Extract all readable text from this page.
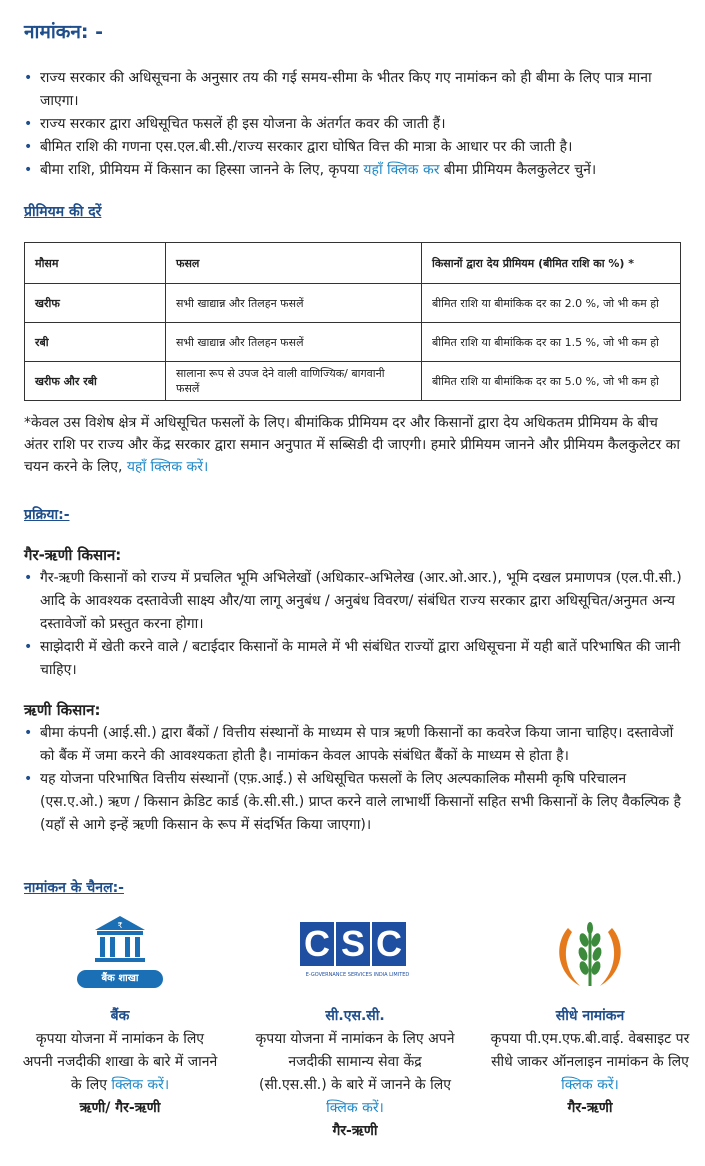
नामांकन: -
• राज्य सरकार की अधिसूचना के अनुसार तय की गई समय-सीमा के भीतर किए गए नामांकन को ही बीमा के लिए पात्र माना जाएगा।
• राज्य सरकार द्वारा अधिसूचित फसलें ही इस योजना के अंतर्गत कवर की जाती हैं।
• बीमित राशि की गणना एस.एल.बी.सी./राज्य सरकार द्वारा घोषित वित्त की मात्रा के आधार पर की जाती है।
• बीमा राशि, प्रीमियम में किसान का हिस्सा जानने के लिए, कृपया यहाँ क्लिक कर बीमा प्रीमियम कैलकुलेटर चुनें।
प्रीमियम की दरें
मौसम	फसल	किसानों द्वारा देय प्रीमियम (बीमित राशि का %) *
खरीफ	सभी खाद्यान्न और तिलहन फसलें	बीमित राशि या बीमांकिक दर का 2.0 %, जो भी कम हो
रबी	सभी खाद्यान्न और तिलहन फसलें	बीमित राशि या बीमांकिक दर का 1.5 %, जो भी कम हो
खरीफ और रबी	सालाना रूप से उपज देने वाली वाणिज्यिक/ बागवानी फसलें	बीमित राशि या बीमांकिक दर का 5.0 %, जो भी कम हो
*केवल उस विशेष क्षेत्र में अधिसूचित फसलों के लिए। बीमांकिक प्रीमियम दर और किसानों द्वारा देय अधिकतम प्रीमियम के बीच अंतर राशि पर राज्य और केंद्र सरकार द्वारा समान अनुपात में सब्सिडी दी जाएगी। हमारे प्रीमियम जानने और प्रीमियम कैलकुलेटर का चयन करने के लिए, यहाँ क्लिक करें।
प्रक्रिया:-
गैर-ऋणी किसान:
• गैर-ऋणी किसानों को राज्य में प्रचलित भूमि अभिलेखों (अधिकार-अभिलेख (आर.ओ.आर.), भूमि दखल प्रमाणपत्र (एल.पी.सी.) आदि के आवश्यक दस्तावेजी साक्ष्य और/या लागू अनुबंध / अनुबंध विवरण/ संबंधित राज्य सरकार द्वारा अधिसूचित/अनुमत अन्य दस्तावेजों को प्रस्तुत करना होगा।
• साझेदारी में खेती करने वाले / बटाईदार किसानों के मामले में भी संबंधित राज्यों द्वारा अधिसूचना में यही बातें परिभाषित की जानी चाहिए।
ऋणी किसान:
• बीमा कंपनी (आई.सी.) द्वारा बैंकों / वित्तीय संस्थानों के माध्यम से पात्र ऋणी किसानों का कवरेज किया जाना चाहिए। दस्तावेजों को बैंक में जमा करने की आवश्यकता होती है। नामांकन केवल आपके संबंधित बैंकों के माध्यम से होता है।
• यह योजना परिभाषित वित्तीय संस्थानों (एफ़.आई.) से अधिसूचित फसलों के लिए अल्पकालिक मौसमी कृषि परिचालन (एस.ए.ओ.) ऋण / किसान क्रेडिट कार्ड (के.सी.सी.) प्राप्त करने वाले लाभार्थी किसानों सहित सभी किसानों के लिए वैकल्पिक है (यहाँ से आगे इन्हें ऋणी किसान के रूप में संदर्भित किया जाएगा)।
नामांकन के चैनल:-
₹
बैंक शाखा
C S C
E-GOVERNANCE SERVICES INDIA LIMITED
बैंक
कृपया योजना में नामांकन के लिए अपनी नजदीकी शाखा के बारे में जानने के लिए क्लिक करें।
ऋणी/ गैर-ऋणी
सी.एस.सी.
कृपया योजना में नामांकन के लिए अपने नजदीकी सामान्य सेवा केंद्र (सी.एस.सी.) के बारे में जानने के लिए क्लिक करें।
गैर-ऋणी
सीधे नामांकन
कृपया पी.एम.एफ.बी.वाई. वेबसाइट पर सीधे जाकर ऑनलाइन नामांकन के लिए क्लिक करें।
गैर-ऋणी
